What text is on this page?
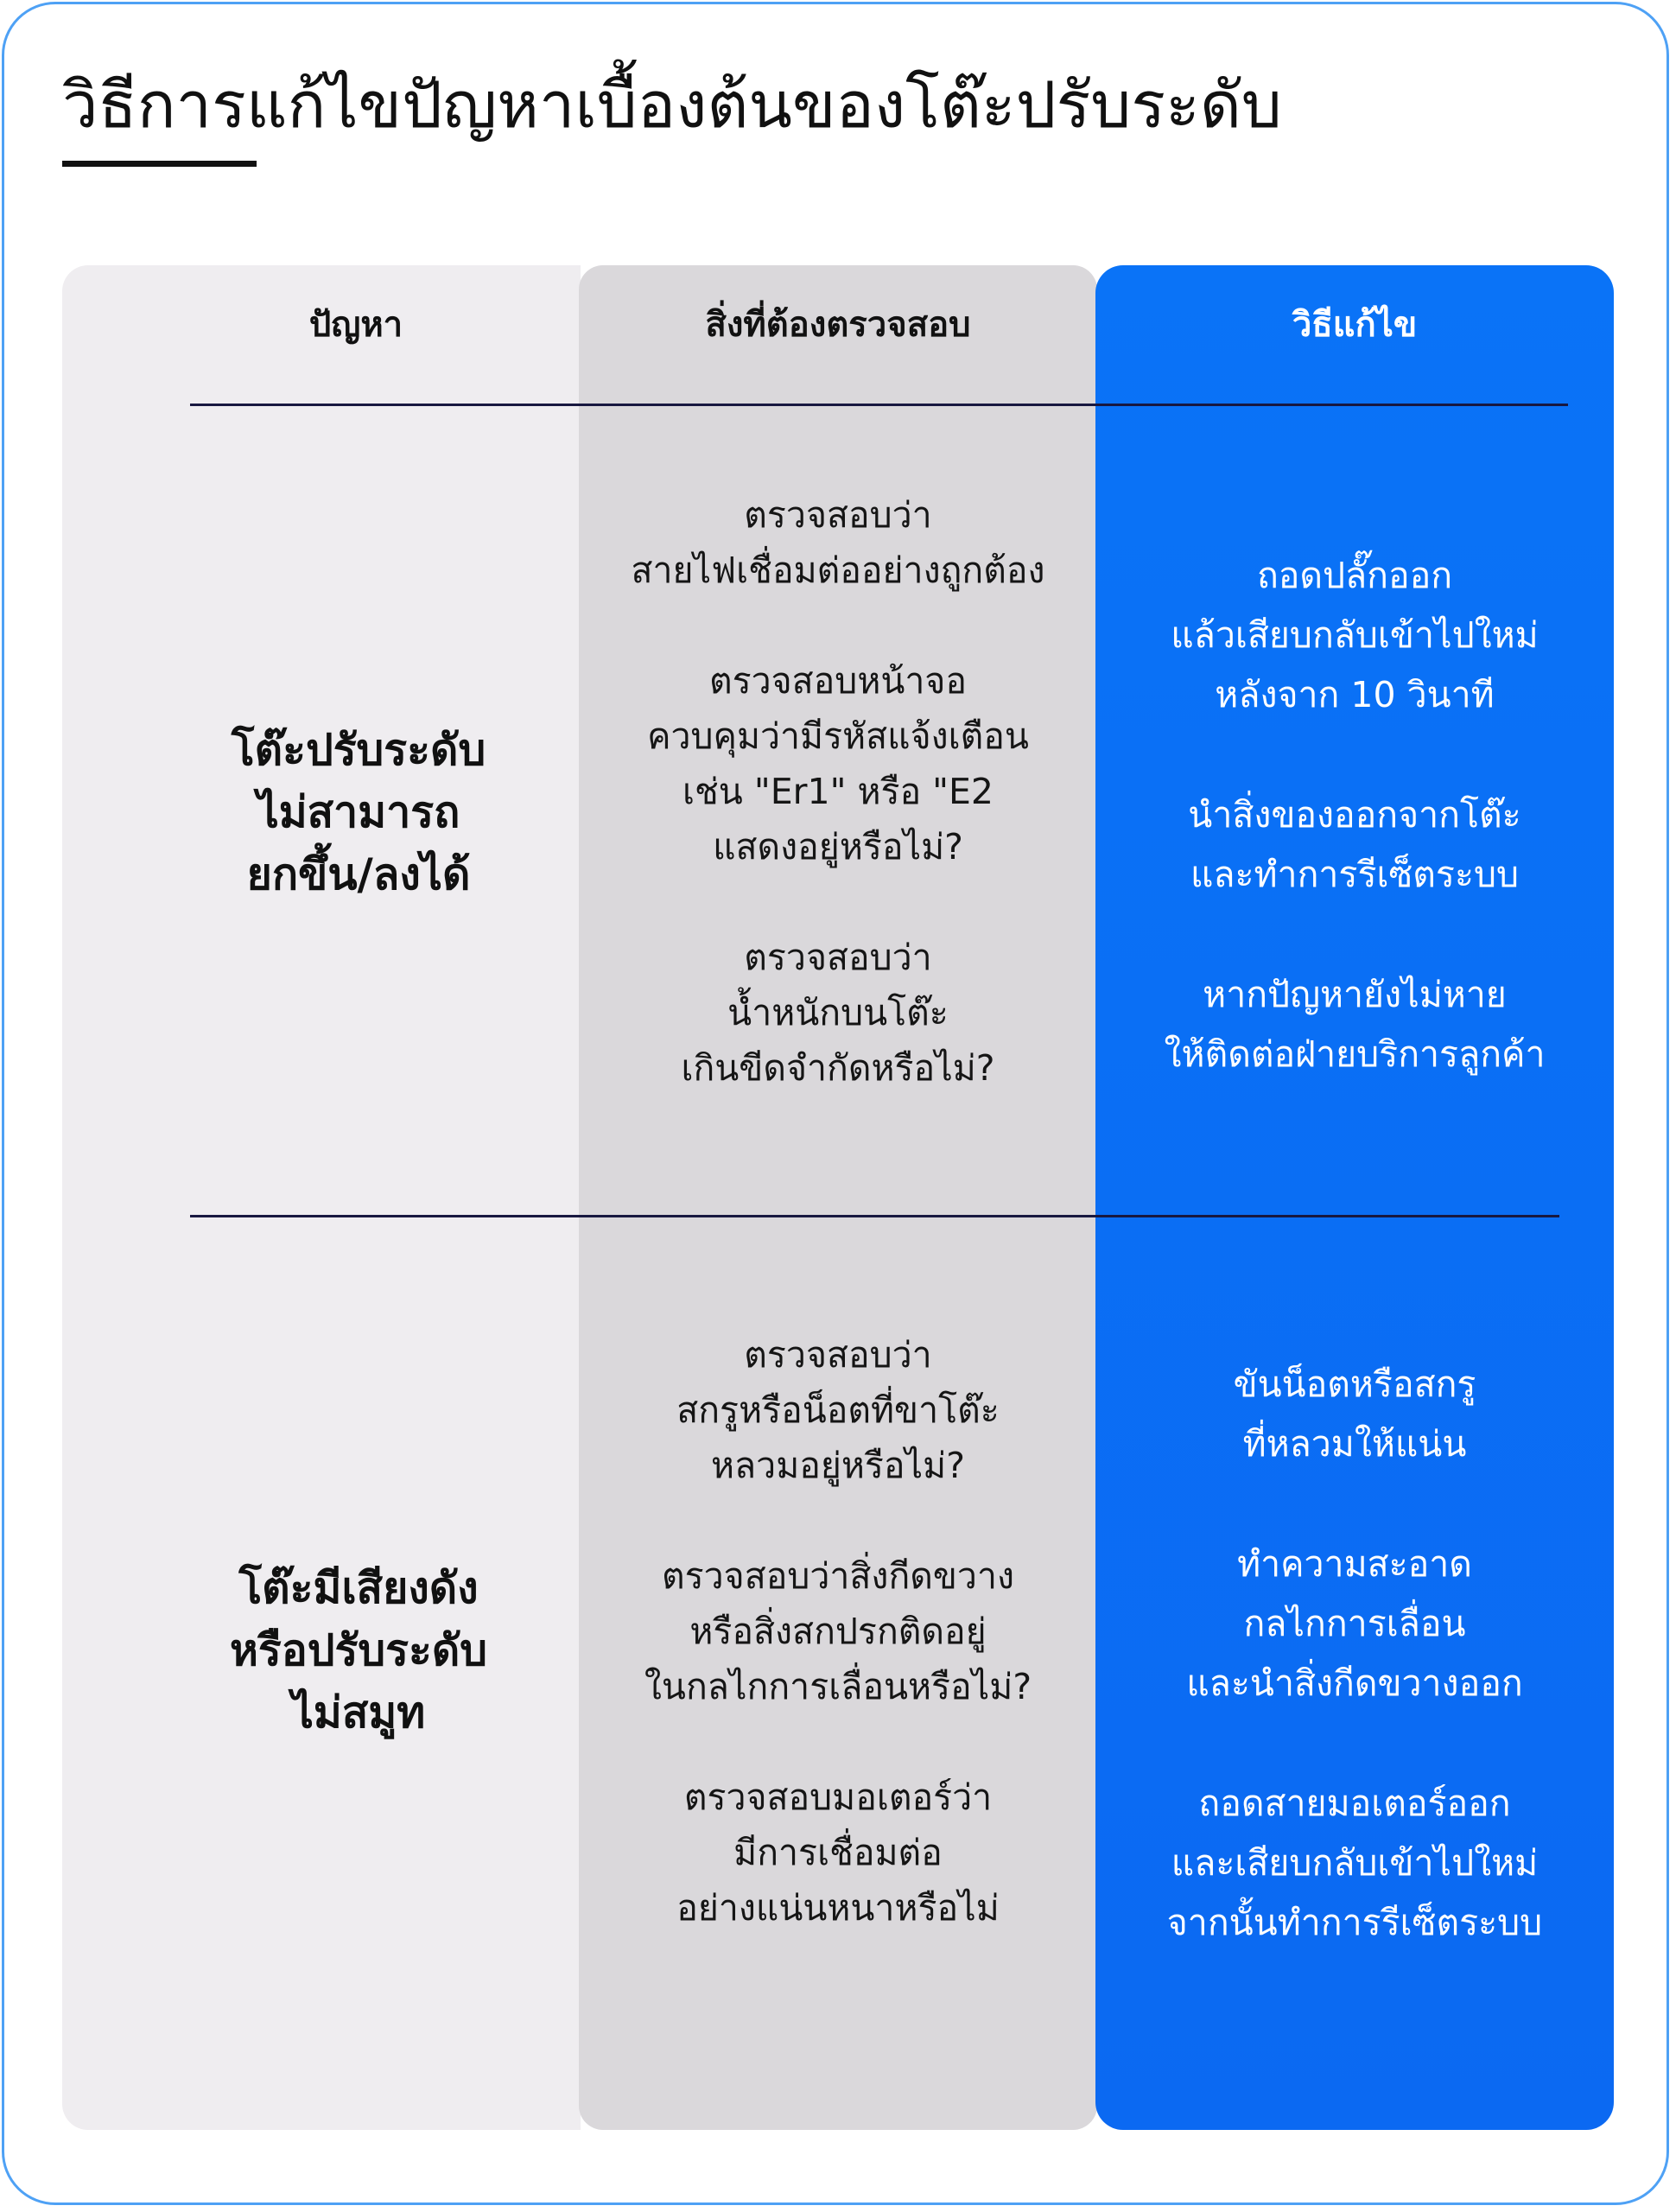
วิธีการแก้ไขปัญหาเบื้องต้นของโต๊ะปรับระดับ
ปัญหา	สิ่งที่ต้องตรวจสอบ	วิธีแก้ไข
โต๊ะปรับระดับ
ไม่สามารถ
ยกขึ้น/ลงได้
ตรวจสอบว่า
สายไฟเชื่อมต่ออย่างถูกต้อง
ตรวจสอบหน้าจอ
ควบคุมว่ามีรหัสแจ้งเตือน
เช่น "Er1" หรือ "E2
แสดงอยู่หรือไม่?
ตรวจสอบว่า
น้ำหนักบนโต๊ะ
เกินขีดจำกัดหรือไม่?
ถอดปลั๊กออก
แล้วเสียบกลับเข้าไปใหม่
หลังจาก 10 วินาที
นำสิ่งของออกจากโต๊ะ
และทำการรีเซ็ตระบบ
หากปัญหายังไม่หาย
ให้ติดต่อฝ่ายบริการลูกค้า
โต๊ะมีเสียงดัง
หรือปรับระดับ
ไม่สมูท
ตรวจสอบว่า
สกรูหรือน็อตที่ขาโต๊ะ
หลวมอยู่หรือไม่?
ตรวจสอบว่าสิ่งกีดขวาง
หรือสิ่งสกปรกติดอยู่
ในกลไกการเลื่อนหรือไม่?
ตรวจสอบมอเตอร์ว่า
มีการเชื่อมต่อ
อย่างแน่นหนาหรือไม่
ขันน็อตหรือสกรู
ที่หลวมให้แน่น
ทำความสะอาด
กลไกการเลื่อน
และนำสิ่งกีดขวางออก
ถอดสายมอเตอร์ออก
และเสียบกลับเข้าไปใหม่
จากนั้นทำการรีเซ็ตระบบ
